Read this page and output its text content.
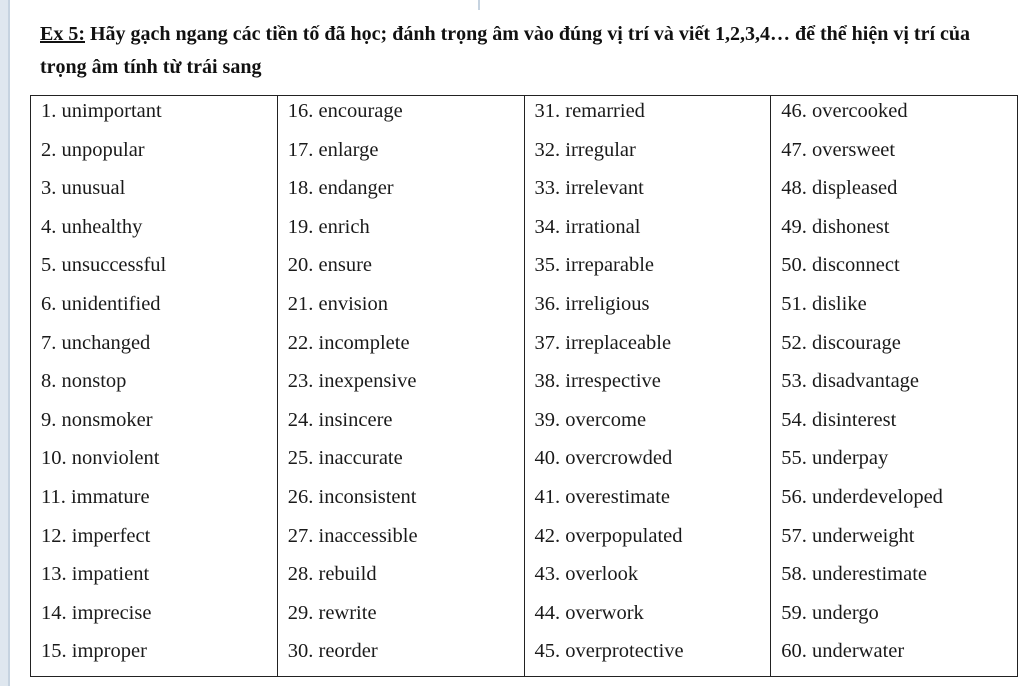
Ex 5: Hãy gạch ngang các tiền tố đã học; đánh trọng âm vào đúng vị trí và viết 1,2,3,4… để thể hiện vị trí của trọng âm tính từ trái sang
1. unimportant
2. unpopular
3. unusual
4. unhealthy
5. unsuccessful
6. unidentified
7. unchanged
8. nonstop
9. nonsmoker
10. nonviolent
11. immature
12. imperfect
13. impatient
14. imprecise
15. improper
16. encourage
17. enlarge
18. endanger
19. enrich
20. ensure
21. envision
22. incomplete
23. inexpensive
24. insincere
25. inaccurate
26. inconsistent
27. inaccessible
28. rebuild
29. rewrite
30. reorder
31. remarried
32. irregular
33. irrelevant
34. irrational
35. irreparable
36. irreligious
37. irreplaceable
38. irrespective
39. overcome
40. overcrowded
41. overestimate
42. overpopulated
43. overlook
44. overwork
45. overprotective
46. overcooked
47. oversweet
48. displeased
49. dishonest
50. disconnect
51. dislike
52. discourage
53. disadvantage
54. disinterest
55. underpay
56. underdeveloped
57. underweight
58. underestimate
59. undergo
60. underwater
